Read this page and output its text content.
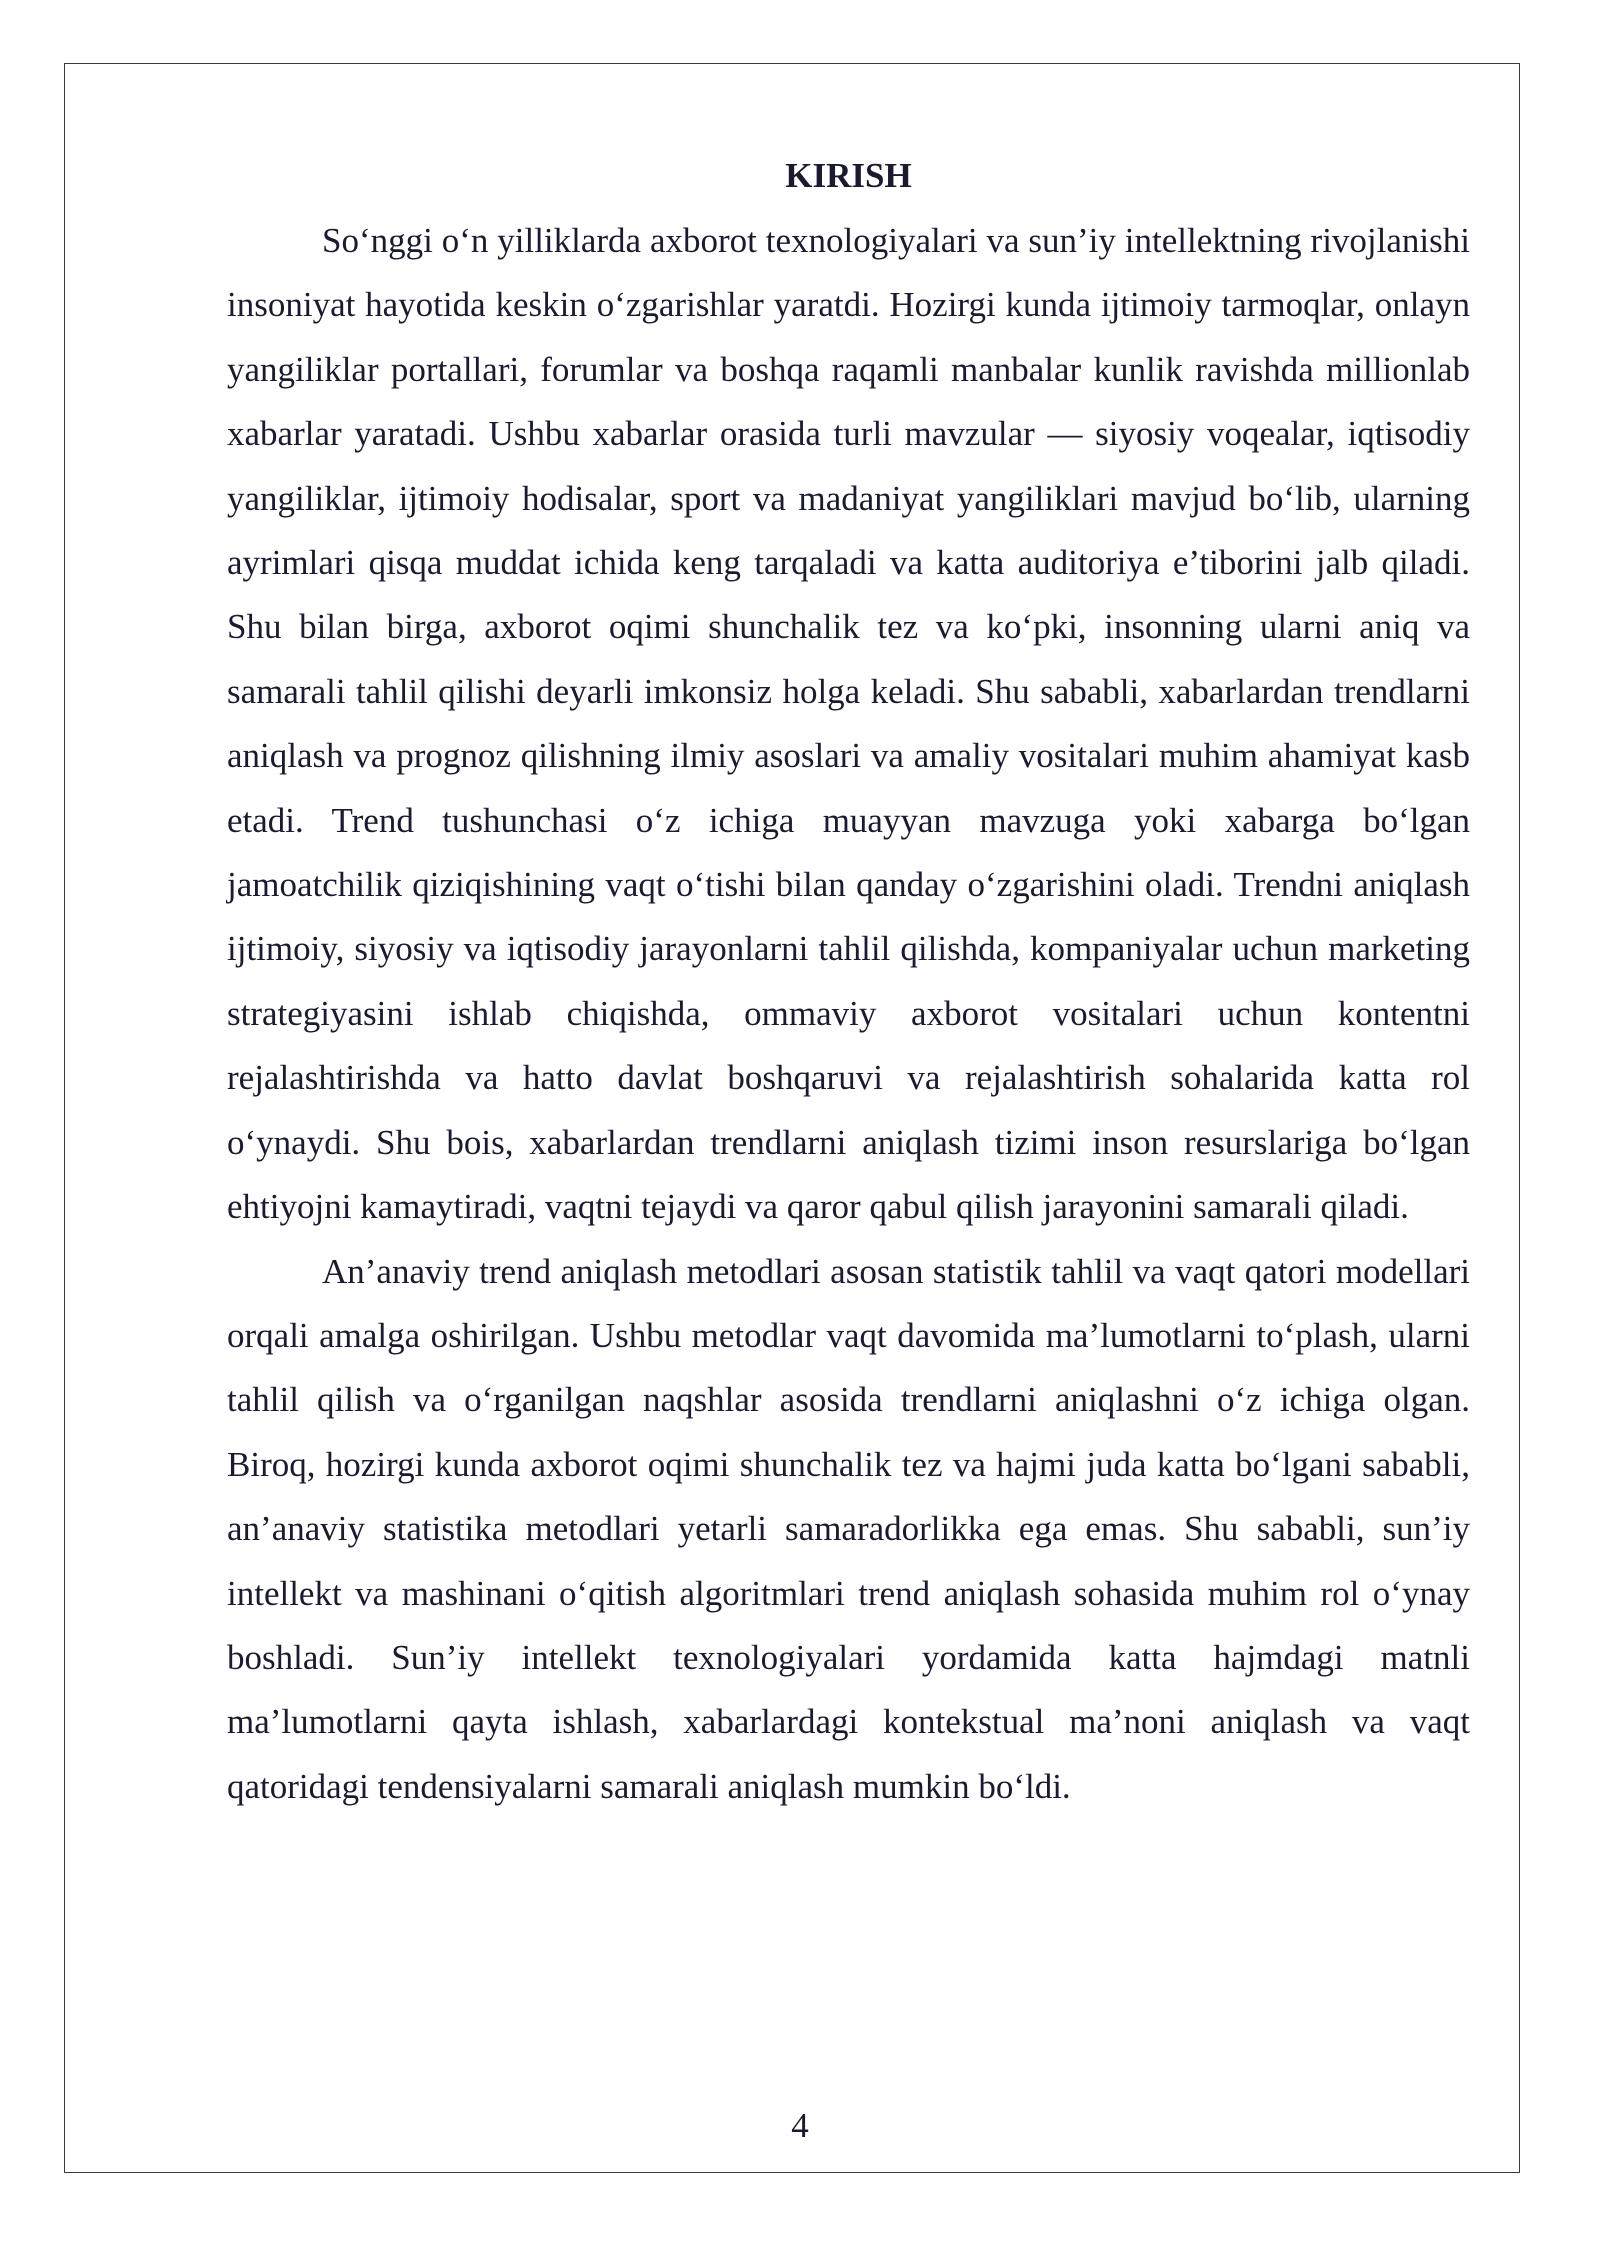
KIRISH

So‘nggi o‘n yilliklarda axborot texnologiyalari va sun’iy intellektning rivojlanishi insoniyat hayotida keskin o‘zgarishlar yaratdi. Hozirgi kunda ijtimoiy tarmoqlar, onlayn yangiliklar portallari, forumlar va boshqa raqamli manbalar kunlik ravishda millionlab xabarlar yaratadi. Ushbu xabarlar orasida turli mavzular — siyosiy voqealar, iqtisodiy yangiliklar, ijtimoiy hodisalar, sport va madaniyat yangiliklari mavjud bo‘lib, ularning ayrimlari qisqa muddat ichida keng tarqaladi va katta auditoriya e’tiborini jalb qiladi. Shu bilan birga, axborot oqimi shunchalik tez va ko‘pki, insonning ularni aniq va samarali tahlil qilishi deyarli imkonsiz holga keladi. Shu sababli, xabarlardan trendlarni aniqlash va prognoz qilishning ilmiy asoslari va amaliy vositalari muhim ahamiyat kasb etadi. Trend tushunchasi o‘z ichiga muayyan mavzuga yoki xabarga bo‘lgan jamoatchilik qiziqishining vaqt o‘tishi bilan qanday o‘zgarishini oladi. Trendni aniqlash ijtimoiy, siyosiy va iqtisodiy jarayonlarni tahlil qilishda, kompaniyalar uchun marketing strategiyasini ishlab chiqishda, ommaviy axborot vositalari uchun kontentni rejalashtirishda va hatto davlat boshqaruvi va rejalashtirish sohalarida katta rol o‘ynaydi. Shu bois, xabarlardan trendlarni aniqlash tizimi inson resurslariga bo‘lgan ehtiyojni kamaytiradi, vaqtni tejaydi va qaror qabul qilish jarayonini samarali qiladi.

An’anaviy trend aniqlash metodlari asosan statistik tahlil va vaqt qatori modellari orqali amalga oshirilgan. Ushbu metodlar vaqt davomida ma’lumotlarni to‘plash, ularni tahlil qilish va o‘rganilgan naqshlar asosida trendlarni aniqlashni o‘z ichiga olgan. Biroq, hozirgi kunda axborot oqimi shunchalik tez va hajmi juda katta bo‘lgani sababli, an’anaviy statistika metodlari yetarli samaradorlikka ega emas. Shu sababli, sun’iy intellekt va mashinani o‘qitish algoritmlari trend aniqlash sohasida muhim rol o‘ynay boshladi. Sun’iy intellekt texnologiyalari yordamida katta hajmdagi matnli ma’lumotlarni qayta ishlash, xabarlardagi kontekstual ma’noni aniqlash va vaqt qatoridagi tendensiyalarni samarali aniqlash mumkin bo‘ldi.

4
